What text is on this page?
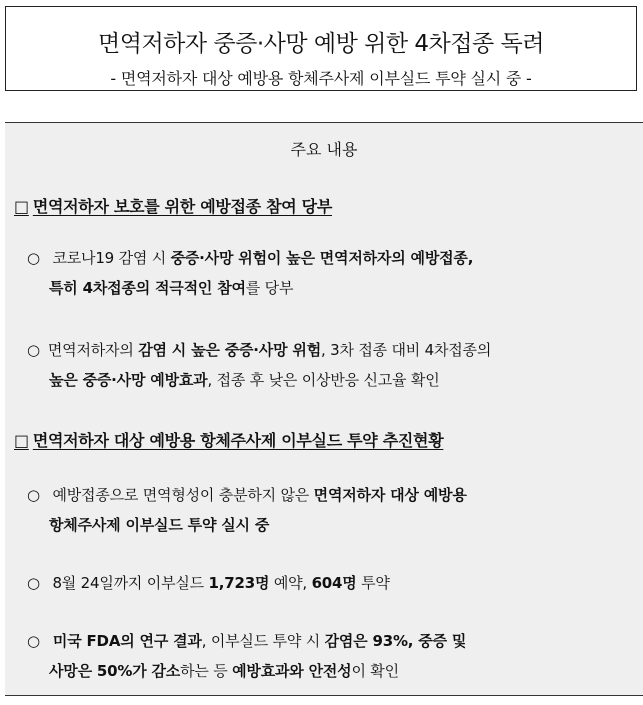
면역저하자 중증·사망 예방 위한 4차접종 독려
- 면역저하자 대상 예방용 항체주사제 이부실드 투약 실시 중 -
주요 내용
□ 면역저하자 보호를 위한 예방접종 참여 당부
○ 코로나19 감염 시 중증·사망 위험이 높은 면역저하자의 예방접종,
특히 4차접종의 적극적인 참여를 당부
○ 면역저하자의 감염 시 높은 중증·사망 위험, 3차 접종 대비 4차접종의
높은 중증·사망 예방효과, 접종 후 낮은 이상반응 신고율 확인
□ 면역저하자 대상 예방용 항체주사제 이부실드 투약 추진현황
○ 예방접종으로 면역형성이 충분하지 않은 면역저하자 대상 예방용
항체주사제 이부실드 투약 실시 중
○ 8월 24일까지 이부실드 1,723명 예약, 604명 투약
○ 미국 FDA의 연구 결과, 이부실드 투약 시 감염은 93%, 중증 및
사망은 50%가 감소하는 등 예방효과와 안전성이 확인
